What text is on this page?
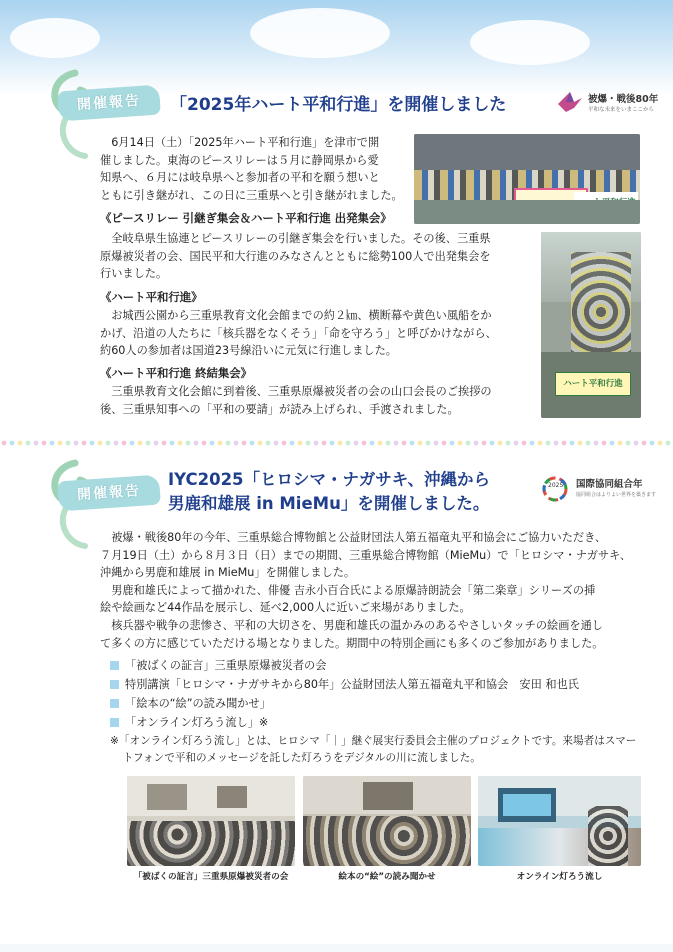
開催報告	「2025年ハート平和行進」を開催しました	被爆・戦後80年
平和な未来をいまここから

6月14日（土）「2025年ハート平和行進」を津市で開

催しました。東海のピースリレーは５月に静岡県から愛

知県へ、６月には岐阜県へと参加者の平和を願う想いと

ともに引き継がれ、この日に三重県へと引き継がれました。

《ピースリレー 引継ぎ集会＆ハート平和行進 出発集会》

全岐阜県生協連とピースリレーの引継ぎ集会を行いました。その後、三重県

原爆被災者の会、国民平和大行進のみなさんとともに総勢100人で出発集会を

行いました。

ハート平和行進
《ハート平和行進》

お城西公園から三重県教育文化会館までの約２㎞、横断幕や黄色い風船をか

かげ、沿道の人たちに「核兵器をなくそう」「命を守ろう」と呼びかけながら、

約60人の参加者は国道23号線沿いに元気に行進しました。

《ハート平和行進 終結集会》

三重県教育文化会館に到着後、三重県原爆被災者の会の山口会長のご挨拶の

後、三重県知事への「平和の要請」が読み上げられ、手渡されました。

開催報告
IYC2025「ヒロシマ・ナガサキ、沖縄から
男鹿和雄展 in MieMu」を開催しました。
2025 国際協同組合年
協同組合はよりよい世界を築きます

被爆・戦後80年の今年、三重県総合博物館と公益財団法人第五福竜丸平和協会にご協力いただき、

７月19日（土）から８月３日（日）までの期間、三重県総合博物館（MieMu）で「ヒロシマ・ナガサキ、

沖縄から男鹿和雄展 in MieMu」を開催しました。

男鹿和雄氏によって描かれた、俳優 吉永小百合氏による原爆詩朗読会「第二楽章」シリーズの挿

絵や絵画など44作品を展示し、延べ2,000人に近いご来場がありました。

核兵器や戦争の悲惨さ、平和の大切さを、男鹿和雄氏の温かみのあるやさしいタッチの絵画を通し

て多くの方に感じていただける場となりました。期間中の特別企画にも多くのご参加がありました。

「被ばくの証言」三重県原爆被災者の会
特別講演「ヒロシマ・ナガサキから80年」公益財団法人第五福竜丸平和協会　安田 和也氏
「絵本の“絵”の読み聞かせ」
「オンライン灯ろう流し」※

※「オンライン灯ろう流し」とは、ヒロシマ「｜」継ぐ展実行委員会主催のプロジェクトです。来場者はスマー

トフォンで平和のメッセージを託した灯ろうをデジタルの川に流しました。

「被ばくの証言」三重県原爆被災者の会	絵本の“絵”の読み聞かせ	オンライン灯ろう流し
